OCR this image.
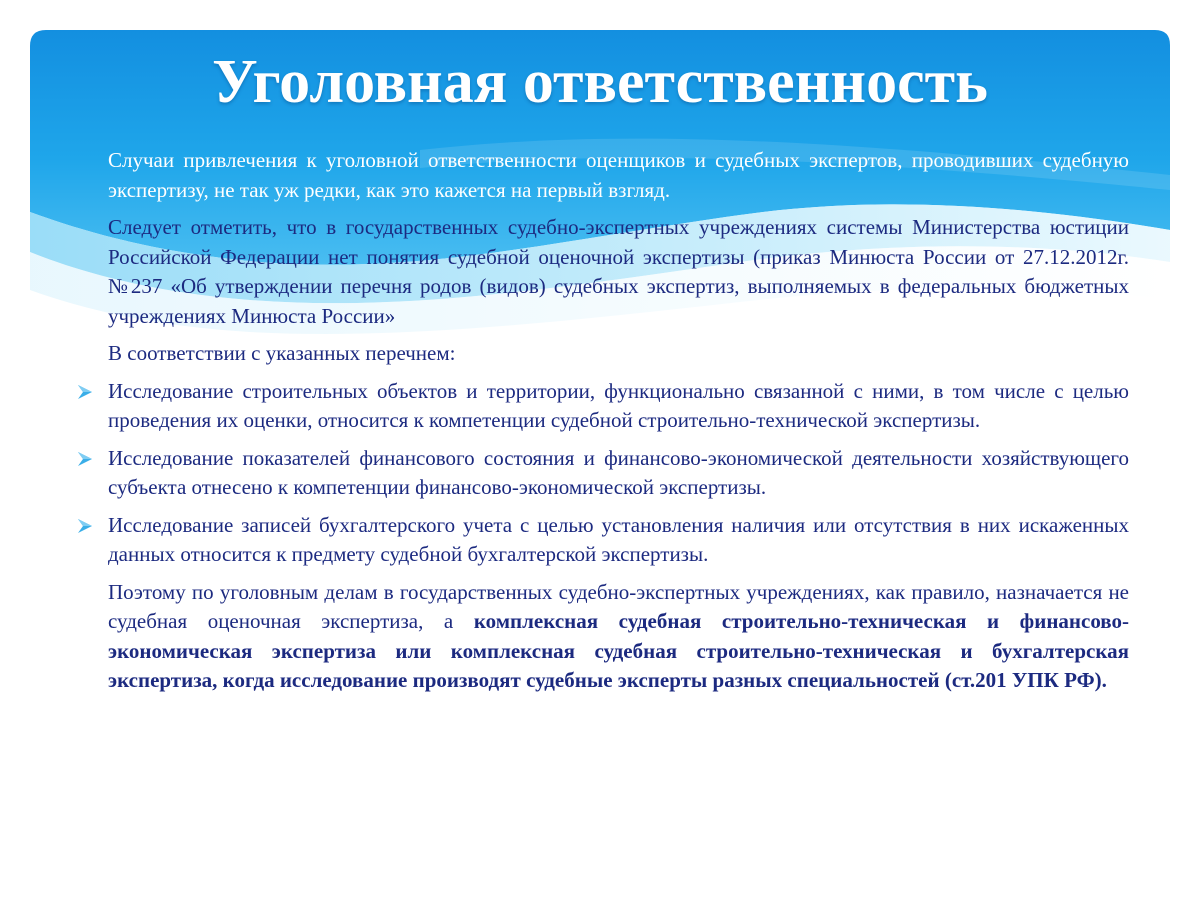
Уголовная ответственность

Случаи привлечения к уголовной ответственности оценщиков и судебных экспертов, проводивших судебную экспертизу, не так уж редки, как это кажется на первый взгляд.

Следует отметить, что в государственных судебно-экспертных учреждениях системы Министерства юстиции Российской Федерации нет понятия судебной оценочной экспертизы (приказ Минюста России от 27.12.2012г. №237 «Об утверждении перечня родов (видов) судебных экспертиз, выполняемых в федеральных бюджетных учреждениях Минюста России»

В соответствии с указанных перечнем:

Исследование строительных объектов и территории, функционально связанной с ними, в том числе с целью проведения их оценки, относится к компетенции судебной строительно-технической экспертизы.
Исследование показателей финансового состояния и финансово-экономической деятельности хозяйствующего субъекта отнесено к компетенции финансово-экономической экспертизы.
Исследование записей бухгалтерского учета с целью установления наличия или отсутствия в них искаженных данных относится к предмету судебной бухгалтерской экспертизы.

Поэтому по уголовным делам в государственных судебно-экспертных учреждениях, как правило, назначается не судебная оценочная экспертиза, а комплексная судебная строительно-техническая и финансово-экономическая экспертиза или комплексная судебная строительно-техническая и бухгалтерская экспертиза, когда исследование производят судебные эксперты разных специальностей (ст.201 УПК РФ).
